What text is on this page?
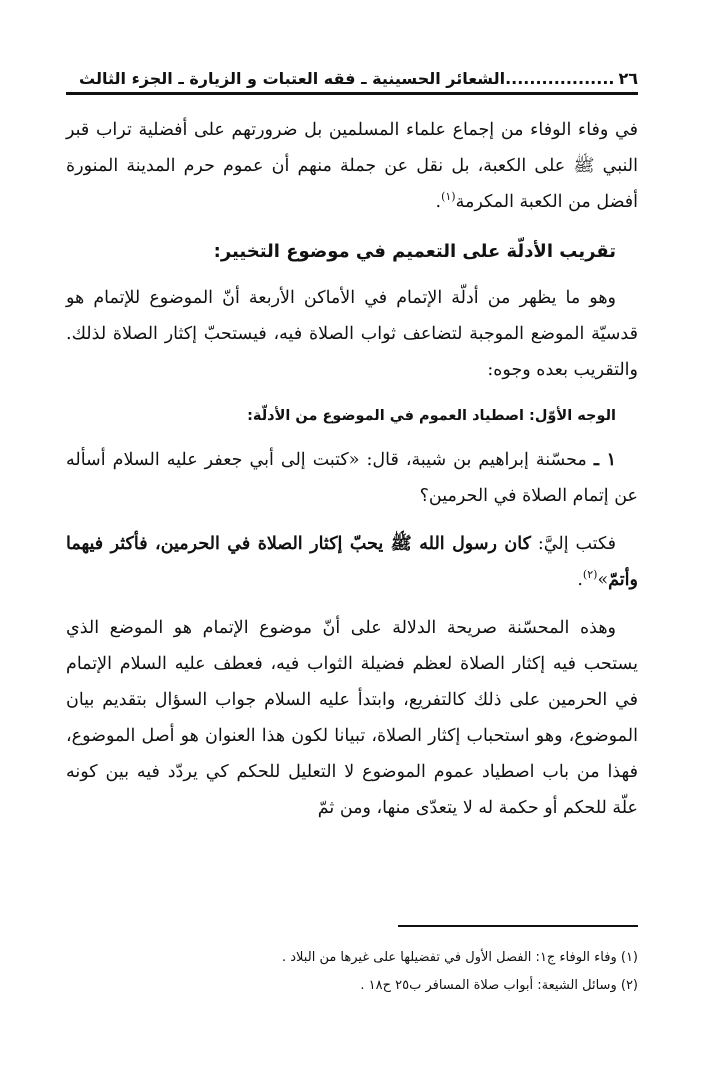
٢٦
..................
الشعائر الحسينية ـ فقه العتبات و الزيارة ـ الجزء الثالث

في وفاء الوفاء من إجماع علماء المسلمين بل ضرورتهم على أفضلية تراب قبر النبي ﷺ على الكعبة، بل نقل عن جملة منهم أن عموم حرم المدينة المنورة أفضل من الكعبة المكرمة$^{(١)}$.

تقريب الأدلّة على التعميم في موضوع التخيير:

وهو ما يظهر من أدلّة الإتمام في الأماكن الأربعة أنّ الموضوع للإتمام هو قدسيّة الموضع الموجبة لتضاعف ثواب الصلاة فيه، فيستحبّ إكثار الصلاة لذلك. والتقريب بعده وجوه:

الوجه الأوّل: اصطياد العموم في الموضوع من الأدلّة:

١ ـ محسّنة إبراهيم بن شيبة، قال: «كتبت إلى أبي جعفر عليه السلام أسأله عن إتمام الصلاة في الحرمين؟

فكتب إليَّ: كان رسول الله ﷺ يحبّ إكثار الصلاة في الحرمين، فأكثر فيهما وأتمّ»$^{(٢)}$.

وهذه المحسّنة صريحة الدلالة على أنّ موضوع الإتمام هو الموضع الذي يستحب فيه إكثار الصلاة لعظم فضيلة الثواب فيه، فعطف عليه السلام الإتمام في الحرمين على ذلك كالتفريع، وابتدأ عليه السلام جواب السؤال بتقديم بيان الموضوع، وهو استحباب إكثار الصلاة، تبيانا لكون هذا العنوان هو أصل الموضوع، فهذا من باب اصطياد عموم الموضوع لا التعليل للحكم كي يردّد فيه بين كونه علّة للحكم أو حكمة له لا يتعدّى منها، ومن ثمّ

(١) وفاء الوفاء ج١: الفصل الأول في تفضيلها على غيرها من البلاد .
(٢) وسائل الشيعة: أبواب صلاة المسافر ب٢٥ ح١٨ .
